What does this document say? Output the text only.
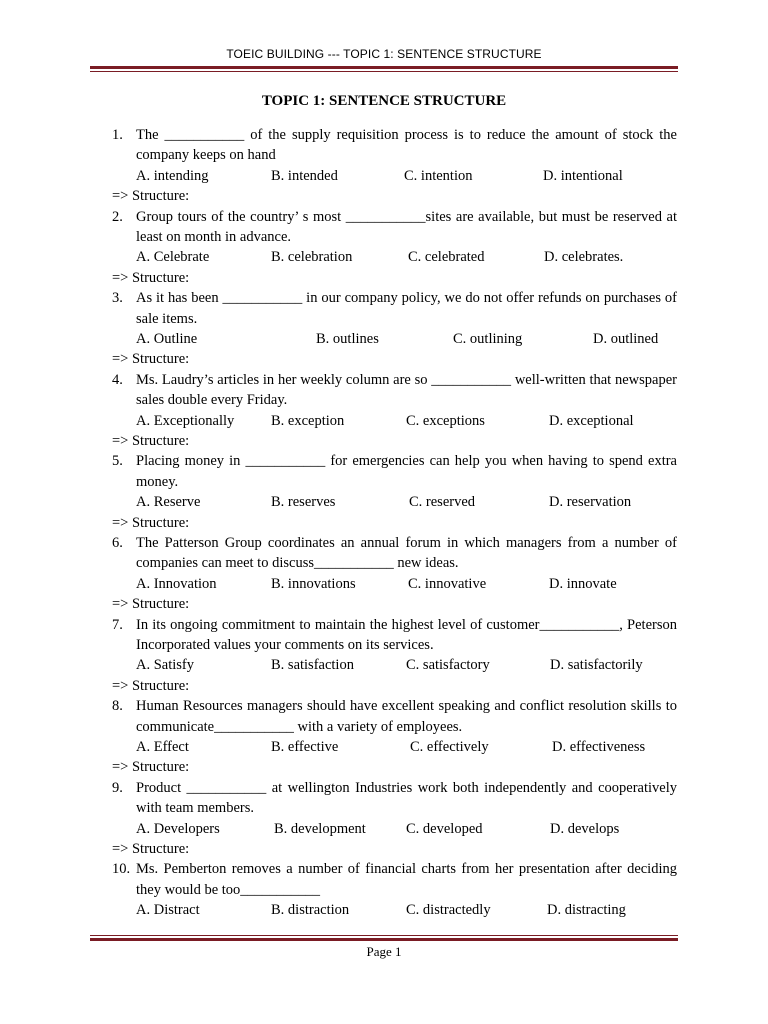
TOEIC BUILDING --- TOPIC 1: SENTENCE STRUCTURE
TOPIC 1: SENTENCE STRUCTURE
1. The ___________ of the supply requisition process is to reduce the amount of stock the company keeps on hand
A. intending	B. intended	C. intention	D. intentional
=> Structure:
2. Group tours of the country’ s most ___________sites are available, but must be reserved at least on month in advance.
A. Celebrate	B. celebration	C. celebrated	D. celebrates.
=> Structure:
3. As it has been ___________ in our company policy, we do not offer refunds on purchases of sale items.
A. Outline	B. outlines	C. outlining	D. outlined
=> Structure:
4. Ms. Laudry’s articles in her weekly column are so ___________ well-written that newspaper sales double every Friday.
A. Exceptionally	B. exception	C. exceptions	D. exceptional
=> Structure:
5. Placing money in ___________ for emergencies can help you when having to spend extra money.
A. Reserve	B. reserves	C. reserved	D. reservation
=> Structure:
6. The Patterson Group coordinates an annual forum in which managers from a number of companies can meet to discuss___________ new ideas.
A. Innovation	B. innovations	C. innovative	D. innovate
=> Structure:
7. In its ongoing commitment to maintain the highest level of customer___________, Peterson Incorporated values your comments on its services.
A. Satisfy	B. satisfaction	C. satisfactory	D. satisfactorily
=> Structure:
8. Human Resources managers should have excellent speaking and conflict resolution skills to communicate___________ with a variety of employees.
A. Effect	B. effective	C. effectively	D. effectiveness
=> Structure:
9. Product ___________ at wellington Industries work both independently and cooperatively with team members.
A. Developers	B. development	C. developed	D. develops
=> Structure:
10. Ms. Pemberton removes a number of financial charts from her presentation after deciding they would be too___________
A. Distract	B. distraction	C. distractedly	D. distracting
Page 1
